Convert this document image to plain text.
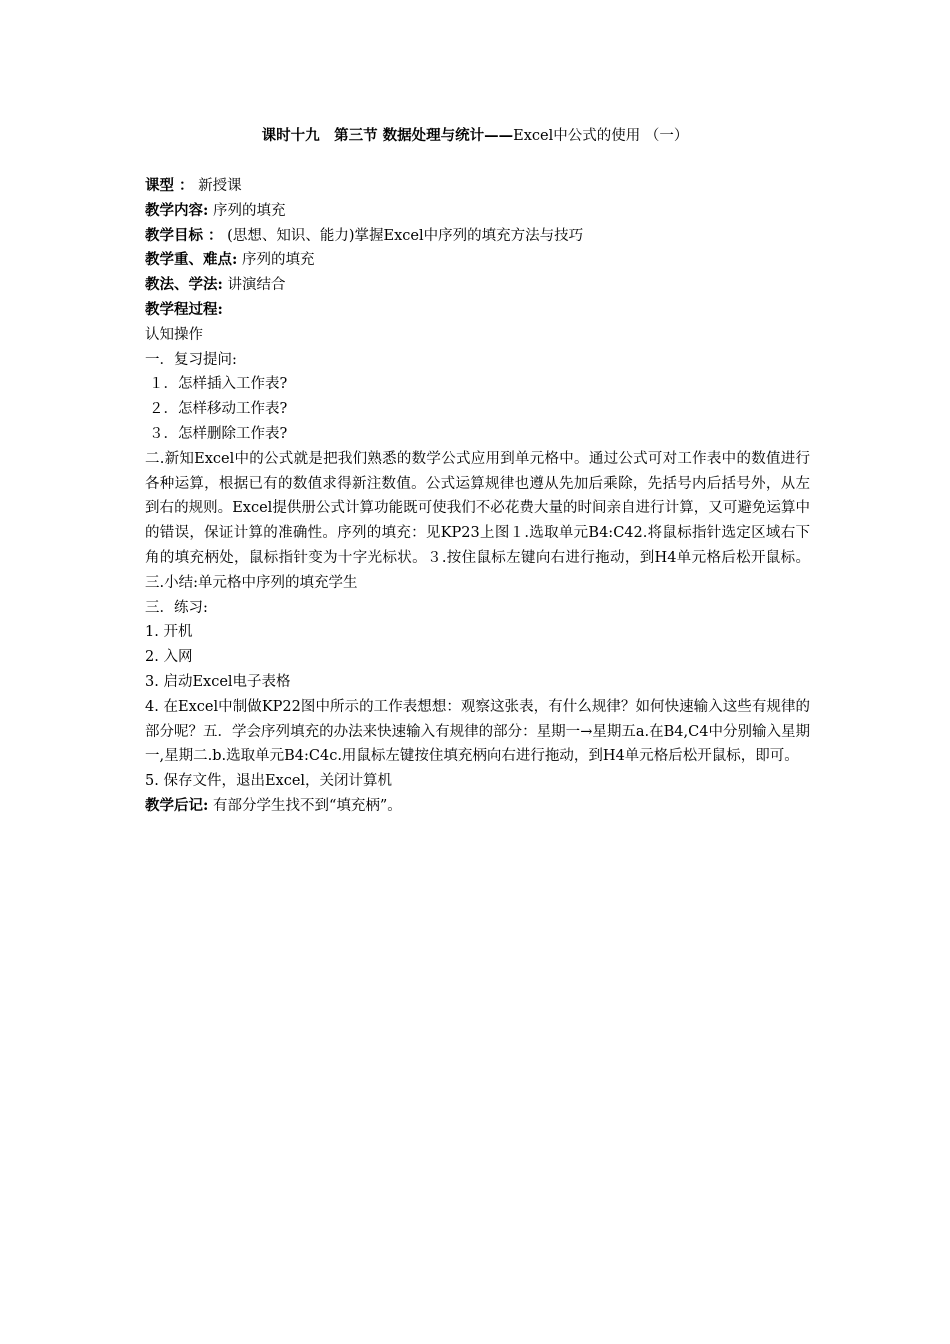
课时十九　第三节 数据处理与统计——Excel中公式的使用 （一）

课型 ： 新授课

教学内容: 序列的填充

教学目标 ： (思想、知识、能力)掌握Excel中序列的填充方法与技巧

教学重、难点: 序列的填充

教法、学法: 讲演结合

教学程过程:

认知操作

一．复习提问:

１．怎样插入工作表?

２．怎样移动工作表?

３．怎样删除工作表?

二.新知Excel中的公式就是把我们熟悉的数学公式应用到单元格中。通过公式可对工作表中的数值进行各种运算，根据已有的数值求得新注数值。公式运算规律也遵从先加后乘除，先括号内后括号外，从左到右的规则。Excel提供册公式计算功能既可使我们不必花费大量的时间亲自进行计算，又可避免运算中的错误，保证计算的准确性。序列的填充：见KP23上图１.选取单元B4:C42.将鼠标指针选定区域右下角的填充柄处，鼠标指针变为十字光标状。３.按住鼠标左键向右进行拖动，到H4单元格后松开鼠标。三.小结:单元格中序列的填充学生

三．练习:

1. 开机

2. 入网

3. 启动Excel电子表格

4. 在Excel中制做KP22图中所示的工作表想想：观察这张表，有什么规律？如何快速输入这些有规律的部分呢？五．学会序列填充的办法来快速输入有规律的部分：星期一→星期五a.在B4,C4中分别输入星期一,星期二.b.选取单元B4:C4c.用鼠标左键按住填充柄向右进行拖动，到H4单元格后松开鼠标，即可。

5. 保存文件，退出Excel，关闭计算机

教学后记: 有部分学生找不到“填充柄”。
